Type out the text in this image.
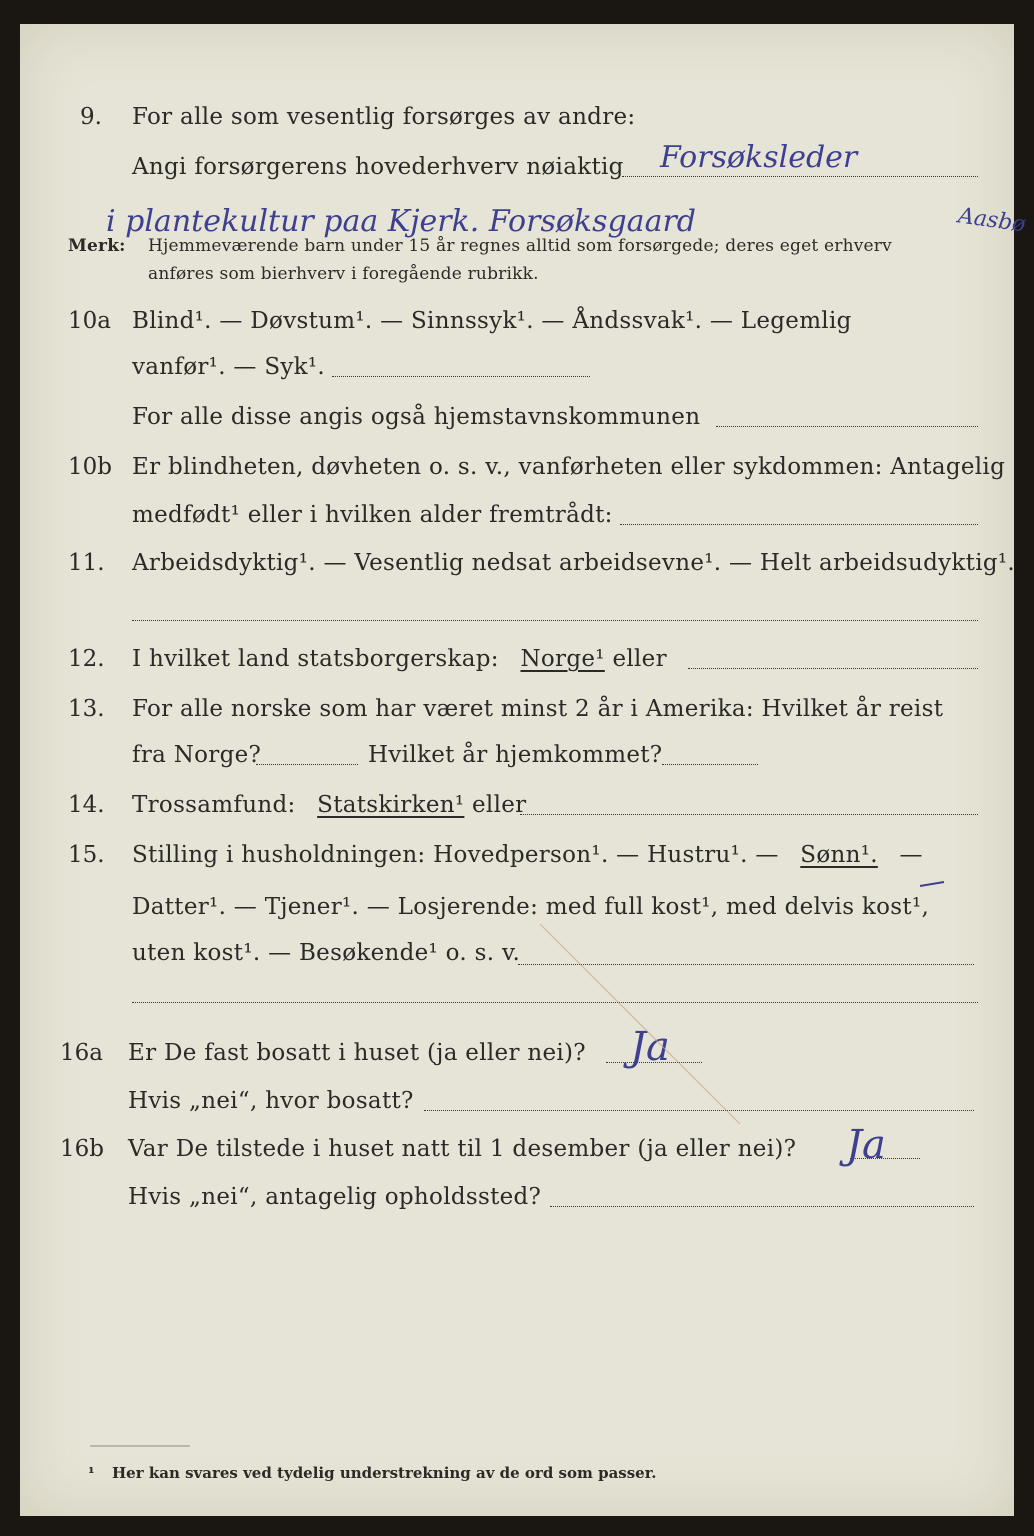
9. For alle som vesentlig forsørges av andre:
Angi forsørgerens hovederhverv nøiaktig Forsøksleder
i plantekultur paa Kjerk. Forsøksgaard	Aasbø
Merk: Hjemmeværende barn under 15 år regnes alltid som forsørgede; deres eget erhverv
anføres som bierhverv i foregående rubrikk.
10a Blind¹. — Døvstum¹. — Sinnssyk¹. — Åndssvak¹. — Legemlig
vanfør¹. — Syk¹.
For alle disse angis også hjemstavnskommunen
10b Er blindheten, døvheten o. s. v., vanførheten eller sykdommen: Antagelig
medfødt¹ eller i hvilken alder fremtrådt:
11. Arbeidsdyktig¹. — Vesentlig nedsat arbeidsevne¹. — Helt arbeidsudyktig¹.
12. I hvilket land statsborgerskap: Norge¹ eller
13. For alle norske som har været minst 2 år i Amerika: Hvilket år reist
fra Norge?	Hvilket år hjemkommet?
14. Trossamfund: Statskirken¹ eller
15. Stilling i husholdningen: Hovedperson¹. — Hustru¹. — Sønn¹. —
Datter¹. — Tjener¹. — Losjerende: med full kost¹, med delvis kost¹,
uten kost¹. — Besøkende¹ o. s. v.
16a Er De fast bosatt i huset (ja eller nei)? Ja
Hvis „nei“, hvor bosatt?
16b Var De tilstede i huset natt til 1 desember (ja eller nei)? Ja
Hvis „nei“, antagelig opholdssted?
¹ Her kan svares ved tydelig understrekning av de ord som passer.
